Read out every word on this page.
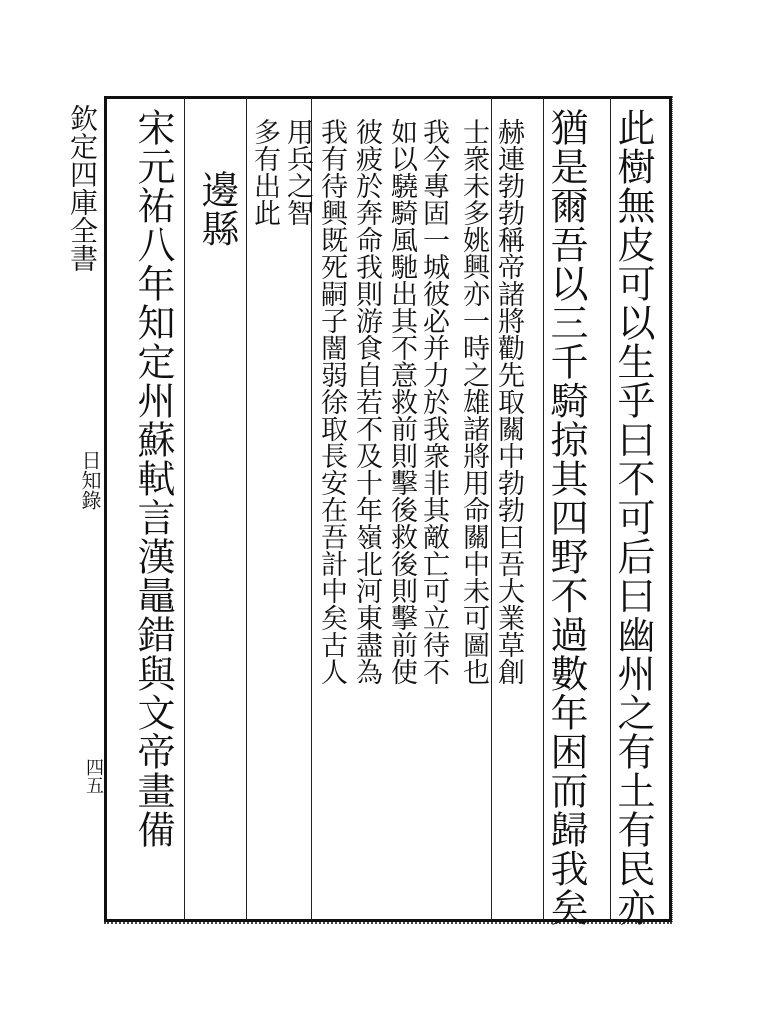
欽定四庫全書
日知錄
四五	此樹無皮可以生乎曰不可后曰幽州之有土有民亦
猶是爾吾以三千騎掠其四野不過數年困而歸我矣
赫連勃勃稱帝諸將勸先取關中勃勃曰吾大業草創
士衆未多姚興亦一時之雄諸將用命關中未可圖也
我今專固一城彼必并力於我衆非其敵亡可立待不
如以驍騎風馳出其不意救前則擊後救後則擊前使
彼疲於奔命我則游食自若不及十年嶺北河東盡為
我有待興既死嗣子闇弱徐取長安在吾計中矣古人
用兵之智
多有出此
邊縣
宋元祐八年知定州蘇軾言漢鼂錯與文帝畫備
